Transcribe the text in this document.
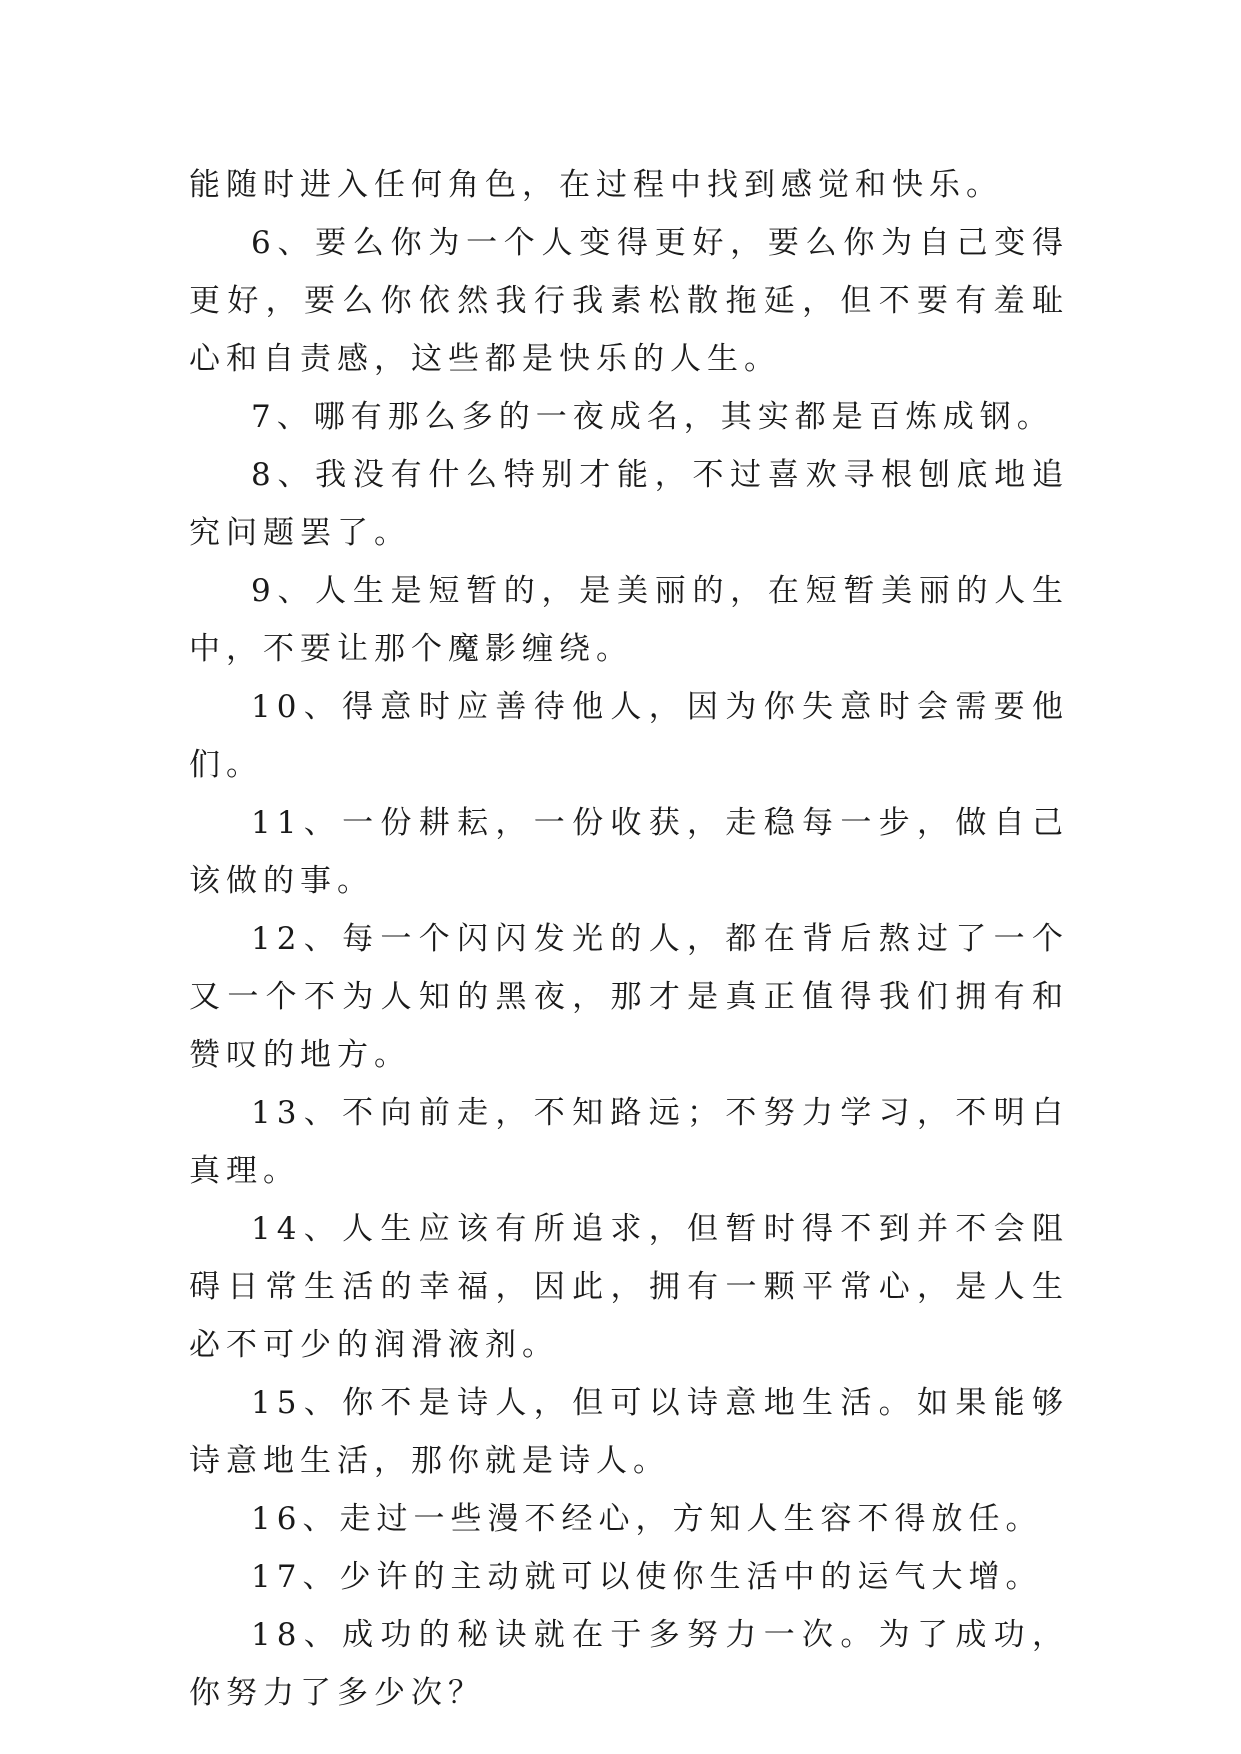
能随时进入任何角色，在过程中找到感觉和快乐。

6、要么你为一个人变得更好，要么你为自己变得更好，要么你依然我行我素松散拖延，但不要有羞耻心和自责感，这些都是快乐的人生。

7、哪有那么多的一夜成名，其实都是百炼成钢。

8、我没有什么特别才能，不过喜欢寻根刨底地追究问题罢了。

9、人生是短暂的，是美丽的，在短暂美丽的人生中，不要让那个魔影缠绕。

10、得意时应善待他人，因为你失意时会需要他们。

11、一份耕耘，一份收获，走稳每一步，做自己该做的事。

12、每一个闪闪发光的人，都在背后熬过了一个又一个不为人知的黑夜，那才是真正值得我们拥有和赞叹的地方。

13、不向前走，不知路远；不努力学习，不明白真理。

14、人生应该有所追求，但暂时得不到并不会阻碍日常生活的幸福，因此，拥有一颗平常心，是人生必不可少的润滑液剂。

15、你不是诗人，但可以诗意地生活。如果能够诗意地生活，那你就是诗人。

16、走过一些漫不经心，方知人生容不得放任。

17、少许的主动就可以使你生活中的运气大增。

18、成功的秘诀就在于多努力一次。为了成功，你努力了多少次？
